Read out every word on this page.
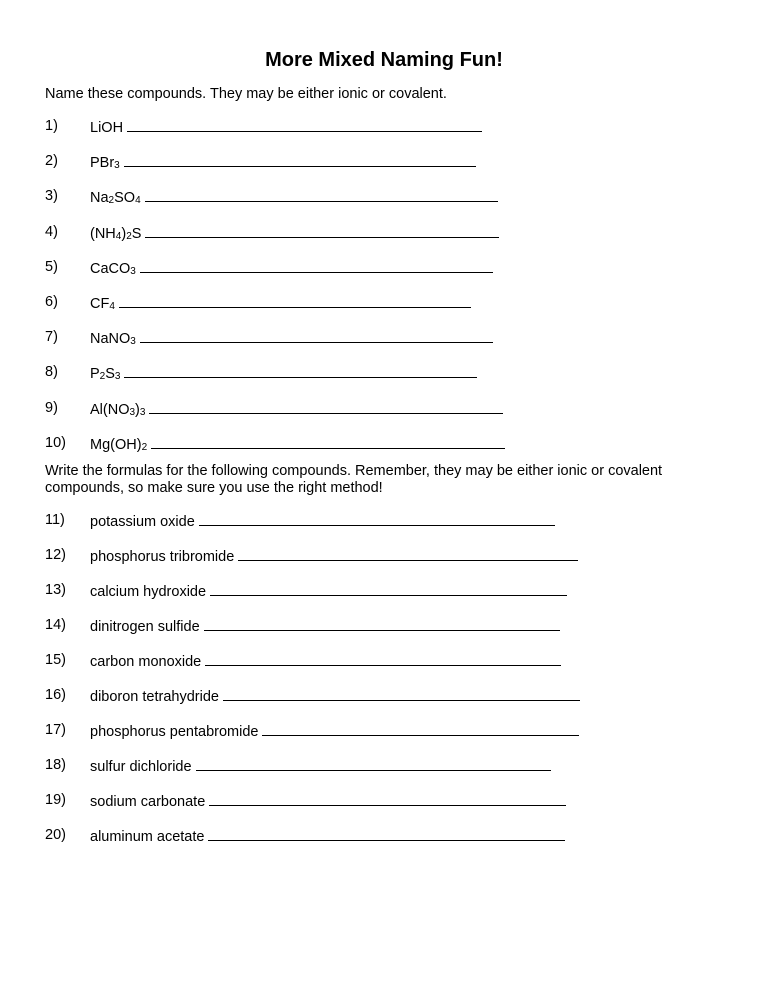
More Mixed Naming Fun!
Name these compounds. They may be either ionic or covalent.
1) LiOH
2) PBr$_3$
3) $Na_2SO_4$
4) $(NH_4)_2S$
5) CaCO$_3$
6) $CF_4$
7) NaNO$_3$
8) $P_2S_3$
9) $Al(NO_3)_3$
10) $Mg(OH)_2$
Write the formulas for the following compounds. Remember, they may be either ionic or covalent compounds, so make sure you use the right method!
11) potassium oxide
12) phosphorus tribromide
13) calcium hydroxide
14) dinitrogen sulfide
15) carbon monoxide
16) diboron tetrahydride
17) phosphorus pentabromide
18) sulfur dichloride
19) sodium carbonate
20) aluminum acetate
